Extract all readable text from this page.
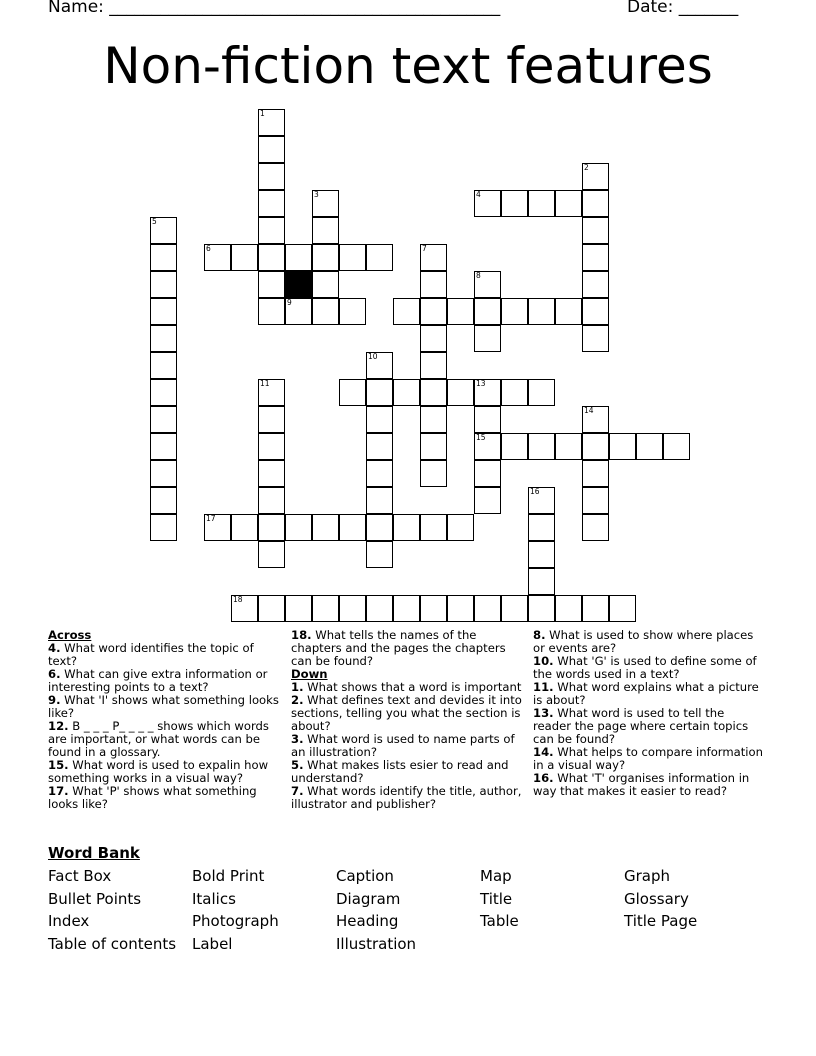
Name: ______________________________________________	Date: _______
Non-fiction text features
1
2
3	4
5
6	7
8
9
10
11	13
15
14
16
17
18
Across
4. What word identifies the topic of text?
6. What can give extra information or interesting points to a text?
9. What 'I' shows what something looks like?
12. B _ _ _ P_ _ _ _ shows which words are important, or what words can be found in a glossary.
15. What word is used to expalin how something works in a visual way?
17. What 'P' shows what something looks like?
18. What tells the names of the chapters and the pages the chapters can be found?
Down
1. What shows that a word is important
2. What defines text and devides it into sections, telling you what the section is about?
3. What word is used to name parts of an illustration?
5. What makes lists esier to read and understand?
7. What words identify the title, author, illustrator and publisher?
8. What is used to show where places or events are?
10. What 'G' is used to define some of the words used in a text?
11. What word explains what a picture is about?
13. What word is used to tell the reader the page where certain topics can be found?
14. What helps to compare information in a visual way?
16. What 'T' organises information in way that makes it easier to read?
Word Bank
Fact Box
Bullet Points
Index
Table of contents
Bold Print
Italics
Photograph
Label
Caption
Diagram
Heading
Illustration
Map
Title
Table
Graph
Glossary
Title Page
